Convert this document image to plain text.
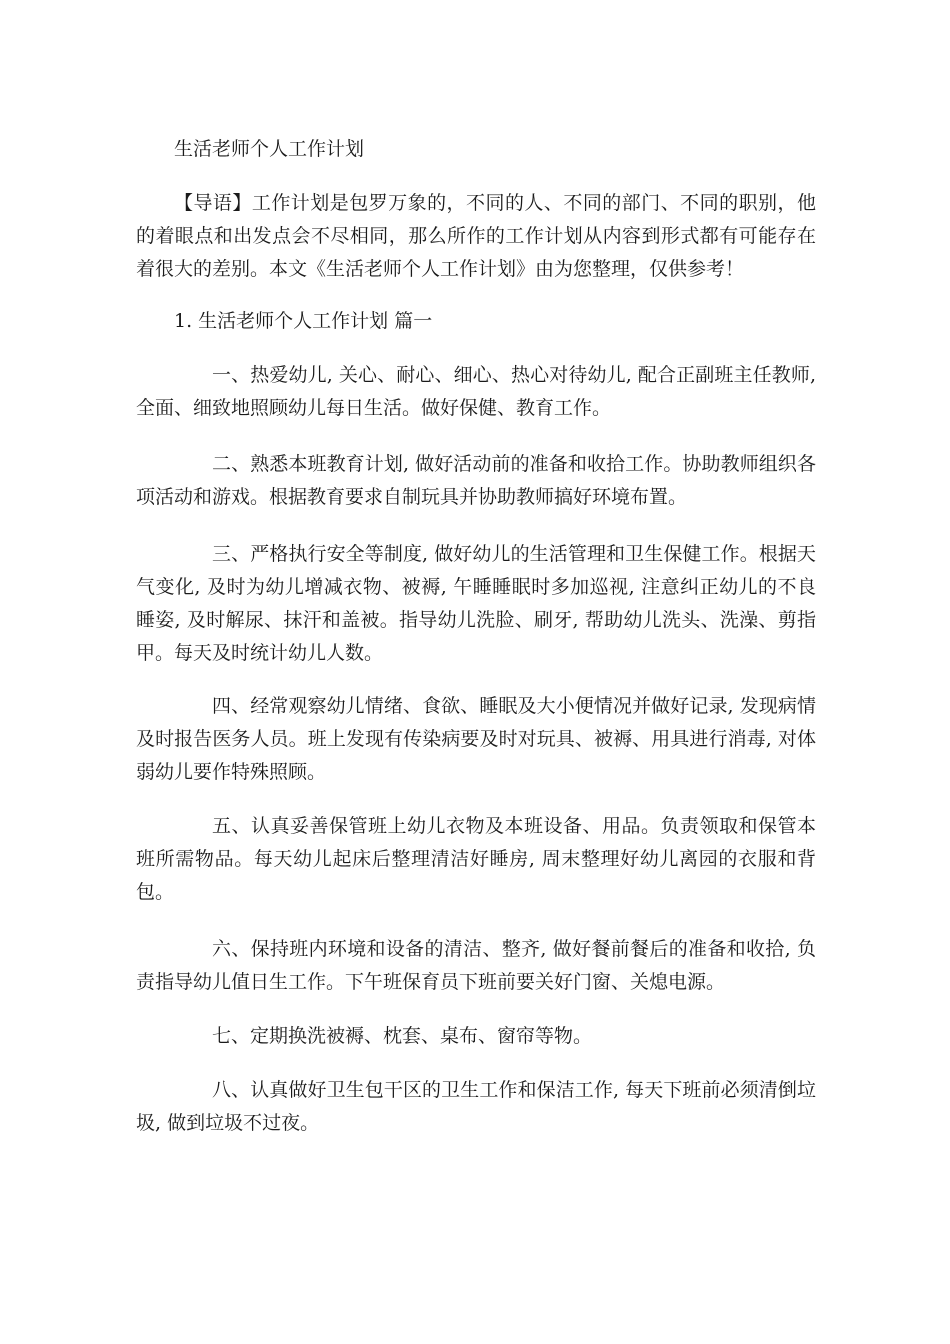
生活老师个人工作计划

【导语】工作计划是包罗万象的，不同的人、不同的部门、不同的职别，他的着眼点和出发点会不尽相同，那么所作的工作计划从内容到形式都有可能存在着很大的差别。本文《生活老师个人工作计划》由为您整理，仅供参考！

1. 生活老师个人工作计划 篇一

一、热爱幼儿, 关心、耐心、细心、热心对待幼儿, 配合正副班主任教师, 全面、细致地照顾幼儿每日生活。做好保健、教育工作。

二、熟悉本班教育计划, 做好活动前的准备和收拾工作。协助教师组织各项活动和游戏。根据教育要求自制玩具并协助教师搞好环境布置。

三、严格执行安全等制度, 做好幼儿的生活管理和卫生保健工作。根据天气变化, 及时为幼儿增减衣物、被褥, 午睡睡眠时多加巡视, 注意纠正幼儿的不良睡姿, 及时解尿、抹汗和盖被。指导幼儿洗脸、刷牙, 帮助幼儿洗头、洗澡、剪指甲。每天及时统计幼儿人数。

四、经常观察幼儿情绪、食欲、睡眠及大小便情况并做好记录, 发现病情及时报告医务人员。班上发现有传染病要及时对玩具、被褥、用具进行消毒, 对体弱幼儿要作特殊照顾。

五、认真妥善保管班上幼儿衣物及本班设备、用品。负责领取和保管本班所需物品。每天幼儿起床后整理清洁好睡房, 周末整理好幼儿离园的衣服和背包。

六、保持班内环境和设备的清洁、整齐, 做好餐前餐后的准备和收拾, 负责指导幼儿值日生工作。下午班保育员下班前要关好门窗、关熄电源。

七、定期换洗被褥、枕套、桌布、窗帘等物。

八、认真做好卫生包干区的卫生工作和保洁工作, 每天下班前必须清倒垃圾, 做到垃圾不过夜。
